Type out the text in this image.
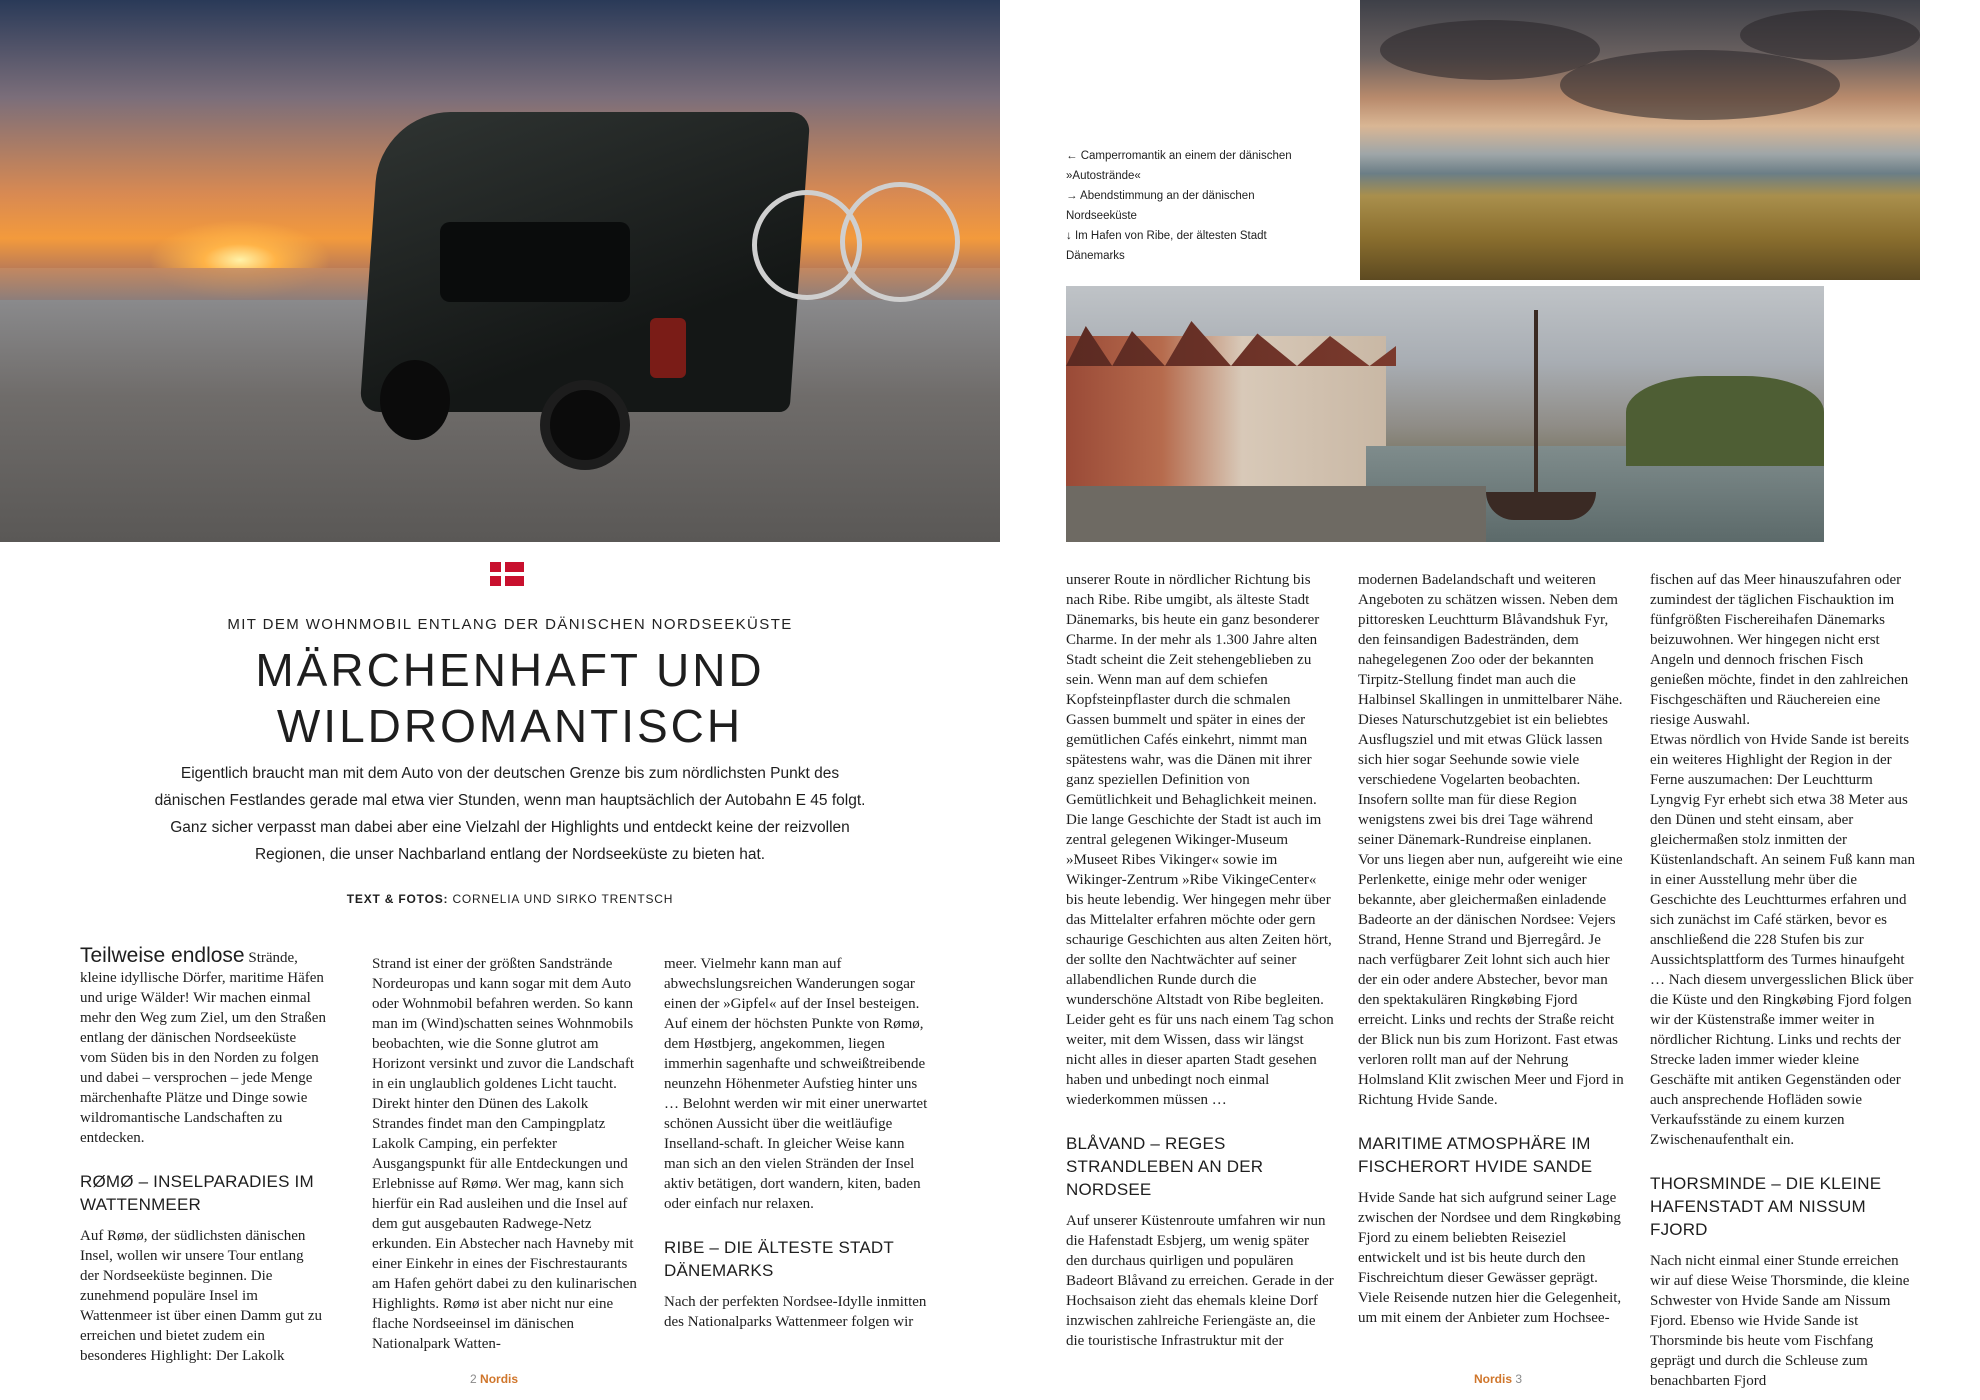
← Camperromantik an einem der dänischen »Autostrände«
→ Abendstimmung an der dänischen Nordseeküste
↓ Im Hafen von Ribe, der ältesten Stadt Dänemarks
MIT DEM WOHNMOBIL ENTLANG DER DÄNISCHEN NORDSEEKÜSTE
MÄRCHENHAFT UND
WILDROMANTISCH
Eigentlich braucht man mit dem Auto von der deutschen Grenze bis zum nördlichsten Punkt des
dänischen Festlandes gerade mal etwa vier Stunden, wenn man hauptsächlich der Autobahn E 45 folgt.
Ganz sicher verpasst man dabei aber eine Vielzahl der Highlights und entdeckt keine der reizvollen
Regionen, die unser Nachbarland entlang der Nordseeküste zu bieten hat.
TEXT & FOTOS: CORNELIA UND SIRKO TRENTSCH

Teilweise endlose Strände, kleine idyllische Dörfer, maritime Häfen und urige Wälder! Wir machen einmal mehr den Weg zum Ziel, um den Straßen entlang der dänischen Nordseeküste vom Süden bis in den Norden zu folgen und dabei – versprochen – jede Menge märchenhafte Plätze und Dinge sowie wildromantische Landschaften zu entdecken.

RØMØ – INSELPARADIES IM WATTENMEER

Auf Rømø, der südlichsten dänischen Insel, wollen wir unsere Tour entlang der Nordseeküste beginnen. Die zunehmend populäre Insel im Wattenmeer ist über einen Damm gut zu erreichen und bietet zudem ein besonderes Highlight: Der Lakolk

Strand ist einer der größten Sandstrände Nordeuropas und kann sogar mit dem Auto oder Wohnmobil befahren werden. So kann man im (Wind)schatten seines Wohnmobils beobachten, wie die Sonne glutrot am Horizont versinkt und zuvor die Landschaft in ein unglaublich goldenes Licht taucht. Direkt hinter den Dünen des Lakolk Strandes findet man den Campingplatz Lakolk Camping, ein perfekter Ausgangspunkt für alle Entdeckungen und Erlebnisse auf Rømø. Wer mag, kann sich hierfür ein Rad ausleihen und die Insel auf dem gut ausgebauten Radwege-Netz erkunden. Ein Abstecher nach Havneby mit einer Einkehr in eines der Fischrestaurants am Hafen gehört dabei zu den kulinarischen Highlights. Rømø ist aber nicht nur eine flache Nordseeinsel im dänischen Nationalpark Watten-

meer. Vielmehr kann man auf abwechslungsreichen Wanderungen sogar einen der »Gipfel« auf der Insel besteigen. Auf einem der höchsten Punkte von Rømø, dem Høstbjerg, angekommen, liegen immerhin sagenhafte und schweißtreibende neunzehn Höhenmeter Aufstieg hinter uns … Belohnt werden wir mit einer unerwartet schönen Aussicht über die weitläufige Inselland-schaft. In gleicher Weise kann man sich an den vielen Stränden der Insel aktiv betätigen, dort wandern, kiten, baden oder einfach nur relaxen.

RIBE – DIE ÄLTESTE STADT DÄNEMARKS

Nach der perfekten Nordsee-Idylle inmitten des Nationalparks Wattenmeer folgen wir

unserer Route in nördlicher Richtung bis nach Ribe. Ribe umgibt, als älteste Stadt Dänemarks, bis heute ein ganz besonderer Charme. In der mehr als 1.300 Jahre alten Stadt scheint die Zeit stehengeblieben zu sein. Wenn man auf dem schiefen Kopfsteinpflaster durch die schmalen Gassen bummelt und später in eines der gemütlichen Cafés einkehrt, nimmt man spätestens wahr, was die Dänen mit ihrer ganz speziellen Definition von Gemütlichkeit und Behaglichkeit meinen.

Die lange Geschichte der Stadt ist auch im zentral gelegenen Wikinger-Museum »Museet Ribes Vikinger« sowie im Wikinger-Zentrum »Ribe VikingeCenter« bis heute lebendig. Wer hingegen mehr über das Mittelalter erfahren möchte oder gern schaurige Geschichten aus alten Zeiten hört, der sollte den Nachtwächter auf seiner allabendlichen Runde durch die wunderschöne Altstadt von Ribe begleiten. Leider geht es für uns nach einem Tag schon weiter, mit dem Wissen, dass wir längst nicht alles in dieser aparten Stadt gesehen haben und unbedingt noch einmal wiederkommen müssen …

BLÅVAND – REGES STRANDLEBEN AN DER NORDSEE

Auf unserer Küstenroute umfahren wir nun die Hafenstadt Esbjerg, um wenig später den durchaus quirligen und populären Badeort Blåvand zu erreichen. Gerade in der Hochsaison zieht das ehemals kleine Dorf inzwischen zahlreiche Feriengäste an, die die touristische Infrastruktur mit der

modernen Badelandschaft und weiteren Angeboten zu schätzen wissen. Neben dem pittoresken Leuchtturm Blåvandshuk Fyr, den feinsandigen Badestränden, dem nahegelegenen Zoo oder der bekannten Tirpitz-Stellung findet man auch die Halbinsel Skallingen in unmittelbarer Nähe. Dieses Naturschutzgebiet ist ein beliebtes Ausflugsziel und mit etwas Glück lassen sich hier sogar Seehunde sowie viele verschiedene Vogelarten beobachten. Insofern sollte man für diese Region wenigstens zwei bis drei Tage während seiner Dänemark-Rundreise einplanen.

Vor uns liegen aber nun, aufgereiht wie eine Perlenkette, einige mehr oder weniger bekannte, aber gleichermaßen einladende Badeorte an der dänischen Nordsee: Vejers Strand, Henne Strand und Bjerregård. Je nach verfügbarer Zeit lohnt sich auch hier der ein oder andere Abstecher, bevor man den spektakulären Ringkøbing Fjord erreicht. Links und rechts der Straße reicht der Blick nun bis zum Horizont. Fast etwas verloren rollt man auf der Nehrung Holmsland Klit zwischen Meer und Fjord in Richtung Hvide Sande.

MARITIME ATMOSPHÄRE IM FISCHERORT HVIDE SANDE

Hvide Sande hat sich aufgrund seiner Lage zwischen der Nordsee und dem Ringkøbing Fjord zu einem beliebten Reiseziel entwickelt und ist bis heute durch den Fischreichtum dieser Gewässer geprägt. Viele Reisende nutzen hier die Gelegenheit, um mit einem der Anbieter zum Hochsee-

fischen auf das Meer hinauszufahren oder zumindest der täglichen Fischauktion im fünfgrößten Fischereihafen Dänemarks beizuwohnen. Wer hingegen nicht erst Angeln und dennoch frischen Fisch genießen möchte, findet in den zahlreichen Fischgeschäften und Räuchereien eine riesige Auswahl.

Etwas nördlich von Hvide Sande ist bereits ein weiteres Highlight der Region in der Ferne auszumachen: Der Leuchtturm Lyngvig Fyr erhebt sich etwa 38 Meter aus den Dünen und steht einsam, aber gleichermaßen stolz inmitten der Küstenlandschaft. An seinem Fuß kann man in einer Ausstellung mehr über die Geschichte des Leuchtturmes erfahren und sich zunächst im Café stärken, bevor es anschließend die 228 Stufen bis zur Aussichtsplattform des Turmes hinaufgeht … Nach diesem unvergesslichen Blick über die Küste und den Ringkøbing Fjord folgen wir der Küstenstraße immer weiter in nördlicher Richtung. Links und rechts der Strecke laden immer wieder kleine Geschäfte mit antiken Gegenständen oder auch ansprechende Hofläden sowie Verkaufsstände zu einem kurzen Zwischenaufenthalt ein.

THORSMINDE – DIE KLEINE HAFENSTADT AM NISSUM FJORD

Nach nicht einmal einer Stunde erreichen wir auf diese Weise Thorsminde, die kleine Schwester von Hvide Sande am Nissum Fjord. Ebenso wie Hvide Sande ist Thorsminde bis heute vom Fischfang geprägt und durch die Schleuse zum benachbarten Fjord

2 Nordis	Nordis 3
